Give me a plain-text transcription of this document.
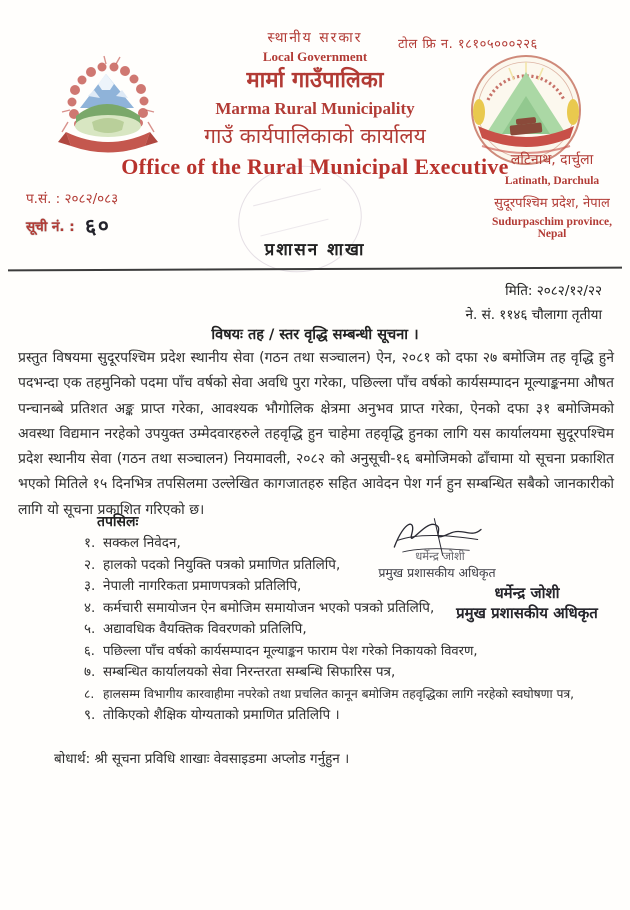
टोल फ्रि न. १८१०५०००२२६
स्थानीय सरकार
Local Government
मार्मा गाउँपालिका
Marma Rural Municipality
गाउँ कार्यपालिकाको कार्यालय
Office of the Rural Municipal Executive
प.सं. : २०८२/०८३
सूची नं. : ६०
लटिनाथ, दार्चुला
Latinath, Darchula
सुदूरपश्चिम प्रदेश, नेपाल
Sudurpaschim province, Nepal
प्रशासन शाखा
मिति: २०८२/१२/२२
ने. सं. ११४६ चौलागा तृतीया
विषयः तह / स्तर वृद्धि सम्बन्धी सूचना ।
प्रस्तुत विषयमा सुदूरपश्चिम प्रदेश स्थानीय सेवा (गठन तथा सञ्चालन) ऐन, २०८१ को दफा २७ बमोजिम तह वृद्धि हुने पदभन्दा एक तहमुनिको पदमा पाँच वर्षको सेवा अवधि पुरा गरेका, पछिल्ला पाँच वर्षको कार्यसम्पादन मूल्याङ्कनमा औषत पन्चानब्बे प्रतिशत अङ्क प्राप्त गरेका, आवश्यक भौगोलिक क्षेत्रमा अनुभव प्राप्त गरेका, ऐनको दफा ३१ बमोजिमको अवस्था विद्यमान नरहेको उपयुक्त उम्मेदवारहरुले तहवृद्धि हुन चाहेमा तहवृद्धि हुनका लागि यस कार्यालयमा सुदूरपश्चिम प्रदेश स्थानीय सेवा (गठन तथा सञ्चालन) नियमावली, २०८२ को अनुसूची-१६ बमोजिमको ढाँचामा यो सूचना प्रकाशित भएको मितिले १५ दिनभित्र तपसिलमा उल्लेखित कागजातहरु सहित आवेदन पेश गर्न हुन सम्बन्धित सबैको जानकारीको लागि यो सूचना प्रकाशित गरिएको छ।
तपसिलः
१. सक्कल निवेदन,
२. हालको पदको नियुक्ति पत्रको प्रमाणित प्रतिलिपि,
३. नेपाली नागरिकता प्रमाणपत्रको प्रतिलिपि,
४. कर्मचारी समायोजन ऐन बमोजिम समायोजन भएको पत्रको प्रतिलिपि,
५. अद्यावधिक वैयक्तिक विवरणको प्रतिलिपि,
६. पछिल्ला पाँच वर्षको कार्यसम्पादन मूल्याङ्कन फाराम पेश गरेको निकायको विवरण,
७. सम्बन्धित कार्यालयको सेवा निरन्तरता सम्बन्धि सिफारिस पत्र,
८. हालसम्म विभागीय कारवाहीमा नपरेको तथा प्रचलित कानून बमोजिम तहवृद्धिका लागि नरहेको स्वघोषणा पत्र,
९. तोकिएको शैक्षिक योग्यताको प्रमाणित प्रतिलिपि ।
धर्मेन्द्र जोशी
प्रमुख प्रशासकीय अधिकृत
धर्मेन्द्र जोशी
प्रमुख प्रशासकीय अधिकृत
बोधार्थ: श्री सूचना प्रविधि शाखाः वेवसाइडमा अप्लोड गर्नुहुन ।
